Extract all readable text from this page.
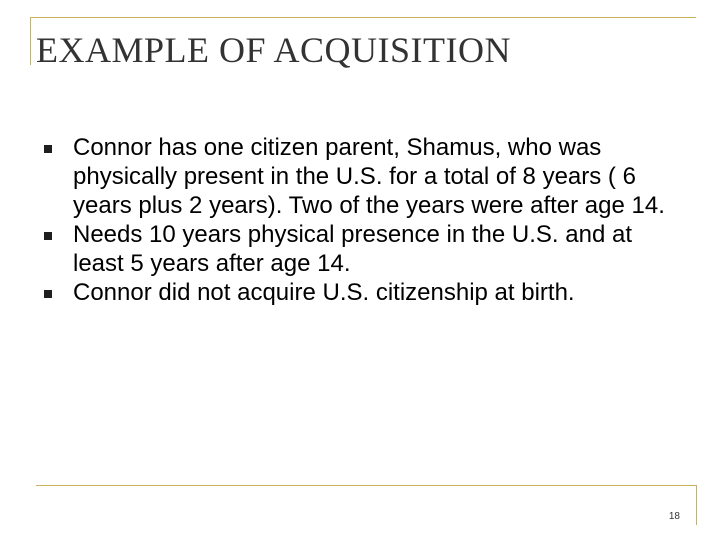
EXAMPLE OF ACQUISITION
Connor has one citizen parent, Shamus, who was physically present in the U.S. for a total of 8 years ( 6 years plus 2 years). Two of the years were after age 14.
Needs 10 years physical presence in the U.S. and at least 5 years after age 14.
Connor did not acquire U.S. citizenship at birth.
18
